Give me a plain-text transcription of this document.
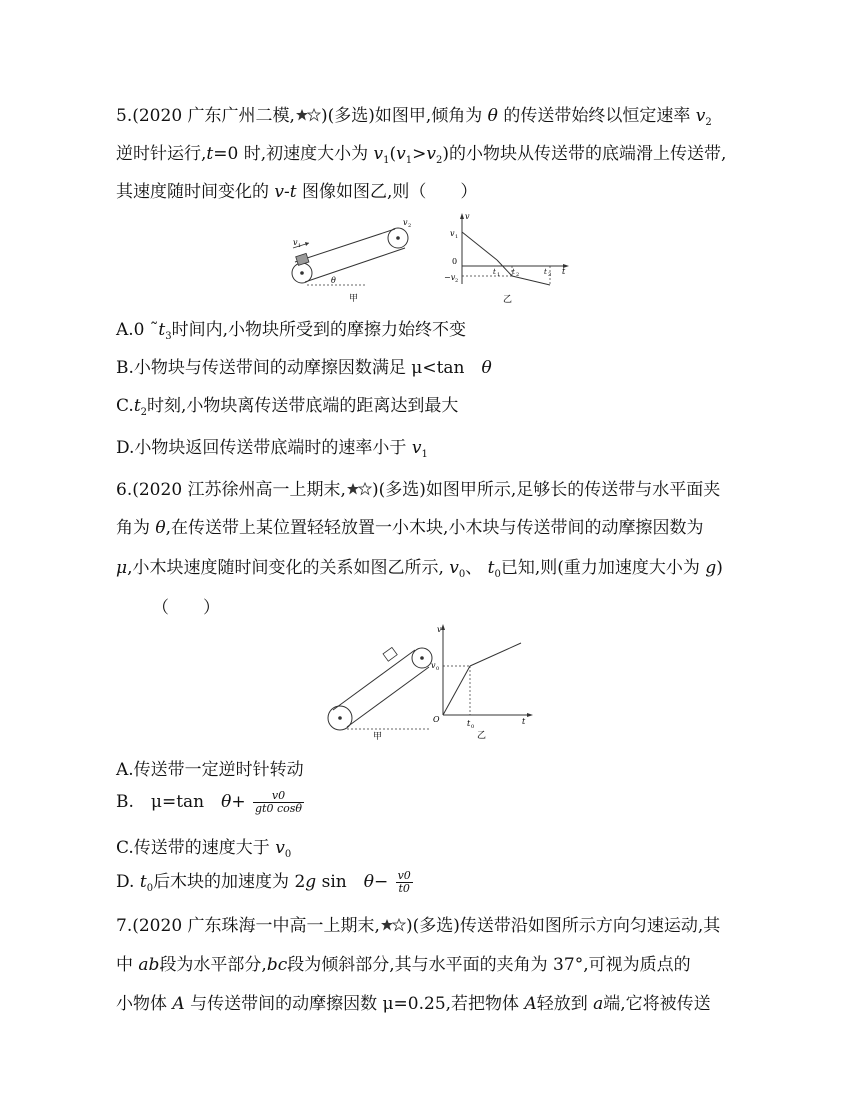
5.(2020 广东广州二模, )(多选)如图甲,倾角为 θ 的传送带始终以恒定速率 $v_2$
逆时针运行,t=0 时,初速度大小为 $v_1(v_1>v_2)$的小物块从传送带的底端滑上传送带,
其速度随时间变化的 v-t 图像如图乙,则（　　）
v 1
v 2
θ
甲
v
t
0
v 1
−v 2
t 1 t 2	t 3
乙
A.0 $˜t_3$时间内,小物块所受到的摩擦力始终不变
B.小物块与传送带间的动摩擦因数满足 μ<tan　θ
$C.t_2$时刻,小物块离传送带底端的距离达到最大
D.小物块返回传送带底端时的速率小于 $v_1$
6.(2020 江苏徐州高一上期末, )(多选)如图甲所示,足够长的传送带与水平面夹
角为 θ,在传送带上某位置轻轻放置一小木块,小木块与传送带间的动摩擦因数为
μ,小木块速度随时间变化的关系如图乙所示, $v_0$、 $t_0$已知,则(重力加速度大小为 g)
（　　）
甲
v
t
O
v 0
t 0
乙
A.传送带一定逆时针转动
B.　μ=tan　$\theta+ \frac{v0}{gt0 \cos\theta}$
C.传送带的速度大于 $v_0$
D. $t_0$后木块的加速度为 2g sin　$\theta- \frac{v0}{t0}$
7.(2020 广东珠海一中高一上期末, )(多选)传送带沿如图所示方向匀速运动,其
中 ab段为水平部分,bc段为倾斜部分,其与水平面的夹角为 37°,可视为质点的
小物体 A 与传送带间的动摩擦因数 μ=0.25,若把物体 A轻放到 a端,它将被传送
